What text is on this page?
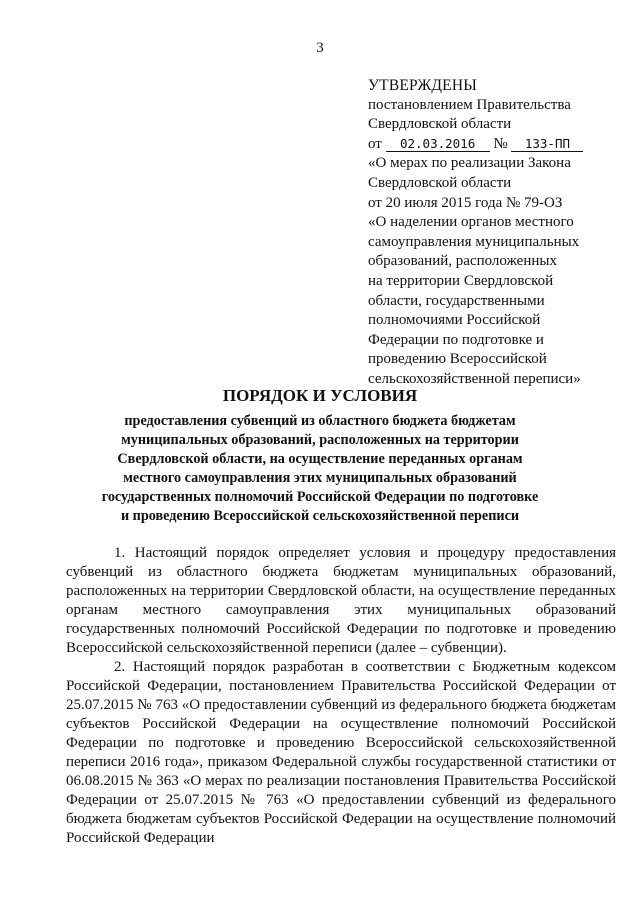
3
УТВЕРЖДЕНЫ
постановлением Правительства
Свердловской области
от 02.03.2016 № 133-ПП
«О мерах по реализации Закона
Свердловской области
от 20 июля 2015 года № 79-ОЗ
«О наделении органов местного
самоуправления муниципальных
образований, расположенных
на территории Свердловской
области, государственными
полномочиями Российской
Федерации по подготовке и
проведению Всероссийской
сельскохозяйственной переписи»
ПОРЯДОК И УСЛОВИЯ
предоставления субвенций из областного бюджета бюджетам
муниципальных образований, расположенных на территории
Свердловской области, на осуществление переданных органам
местного самоуправления этих муниципальных образований
государственных полномочий Российской Федерации по подготовке
и проведению Всероссийской сельскохозяйственной переписи

1. Настоящий порядок определяет условия и процедуру предоставления субвенций из областного бюджета бюджетам муниципальных образований, расположенных на территории Свердловской области, на осуществление переданных органам местного самоуправления этих муниципальных образований государственных полномочий Российской Федерации по подготовке и проведению Всероссийской сельскохозяйственной переписи (далее – субвенции).

2. Настоящий порядок разработан в соответствии с Бюджетным кодексом Российской Федерации, постановлением Правительства Российской Федерации от 25.07.2015 № 763 «О предоставлении субвенций из федерального бюджета бюджетам субъектов Российской Федерации на осуществление полномочий Российской Федерации по подготовке и проведению Всероссийской сельскохозяйственной переписи 2016 года», приказом Федеральной службы государственной статистики от 06.08.2015 № 363 «О мерах по реализации постановления Правительства Российской Федерации от 25.07.2015 № 763 «О предоставлении субвенций из федерального бюджета бюджетам субъектов Российской Федерации на осуществление полномочий Российской Федерации
